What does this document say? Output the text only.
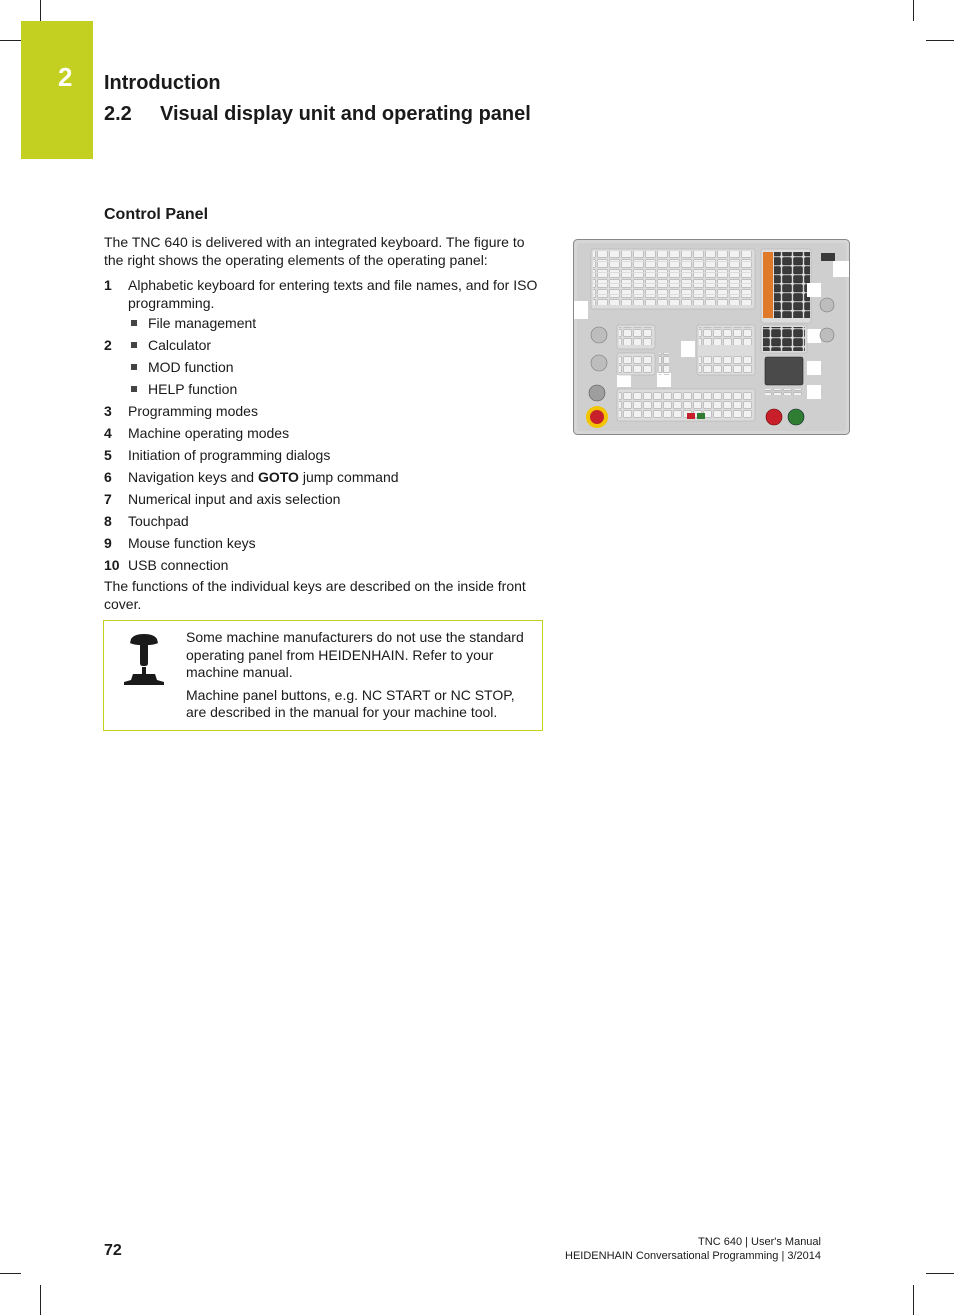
2 Introduction
2.2 Visual display unit and operating panel
Control Panel

The TNC 640 is delivered with an integrated keyboard. The figure to the right shows the operating elements of the operating panel:

1 Alphabetic keyboard for entering texts and file names, and for ISO programming.
2
File management
Calculator
MOD function
HELP function
3 Programming modes
4 Machine operating modes
5 Initiation of programming dialogs
6 Navigation keys and GOTO jump command
7 Numerical input and axis selection
8 Touchpad
9 Mouse function keys
10 USB connection

The functions of the individual keys are described on the inside front cover.

Some machine manufacturers do not use the standard operating panel from HEIDENHAIN. Refer to your machine manual.

Machine panel buttons, e.g. NC START or NC STOP, are described in the manual for your machine tool.

72	TNC 640 | User's Manual
HEIDENHAIN Conversational Programming | 3/2014
